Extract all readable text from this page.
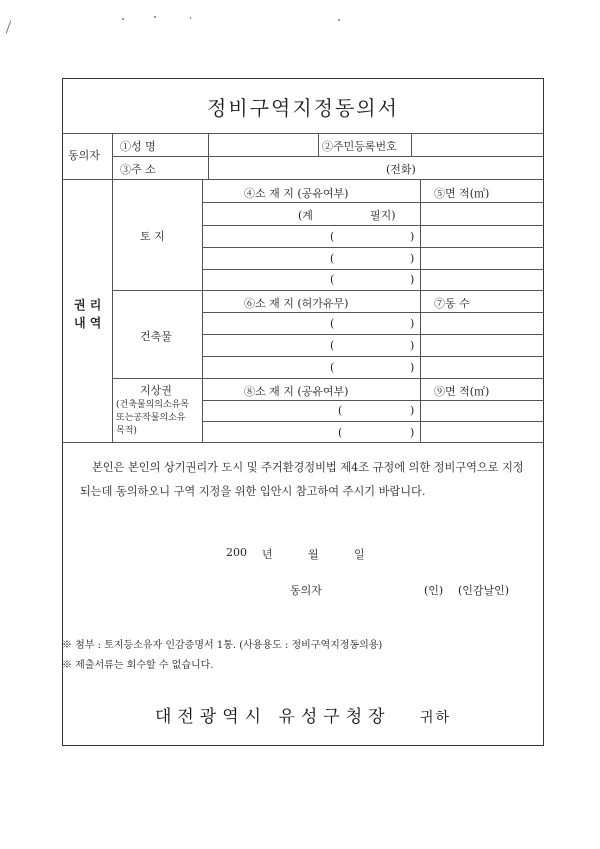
정비구역지정동의서
동의자
①성 명	②주민등록번호
③주 소	(전화)
권 리
내 역
토 지
④소 재 지 (공유여부)	⑤면 적(㎡)
(계	필지)
(	)
(	)
(	)
건축물
⑥소 재 지 (허가유무)	⑦동 수
(	)
(	)
(	)
지상권
(건축물의의소유목
또는공작물의소유
목적)
⑧소 재 지 (공유여부)	⑨면 적(㎡)
(	)
(	)
본인은 본인의 상기권리가 도시 및 주거환경정비법 제4조 규정에 의한 정비구역으로 지정되는데 동의하오니 구역 지정을 위한 입안시 참고하여 주시기 바랍니다.
200 년	월	일
동의자	(인) (인감날인)
※ 첨부 : 토지등소유자 인감증명서 1통. (사용용도 : 정비구역지정동의용)
※ 제출서류는 회수할 수 없습니다.
대전광역시 유성구청장 귀하
